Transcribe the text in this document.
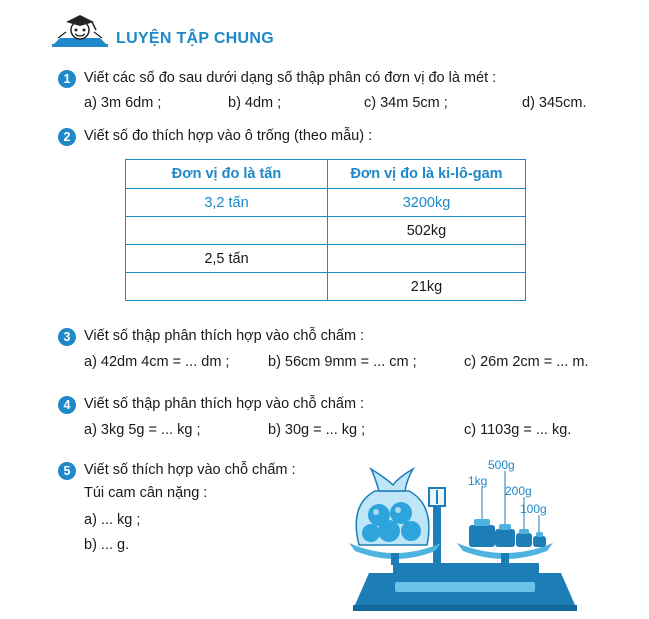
LUYỆN TẬP CHUNG
1 Viết các số đo sau dưới dạng số thập phân có đơn vị đo là mét :
a) 3m 6dm ;	b) 4dm ;	c) 34m 5cm ;	d) 345cm.
2 Viết số đo thích hợp vào ô trống (theo mẫu) :
Đơn vị đo là tấn	Đơn vị đo là ki-lô-gam
3,2 tấn	3200kg
	502kg
2,5 tấn	
	21kg
3 Viết số thập phân thích hợp vào chỗ chấm :
a) 42dm 4cm = ... dm ;	b) 56cm 9mm = ... cm ;	c) 26m 2cm = ... m.
4 Viết số thập phân thích hợp vào chỗ chấm :
a) 3kg 5g = ... kg ;	b) 30g = ... kg ;	c) 1103g = ... kg.
5 Viết số thích hợp vào chỗ chấm :
Túi cam cân nặng :
a) ... kg ;
b) ... g.
500g
1kg
200g
100g
